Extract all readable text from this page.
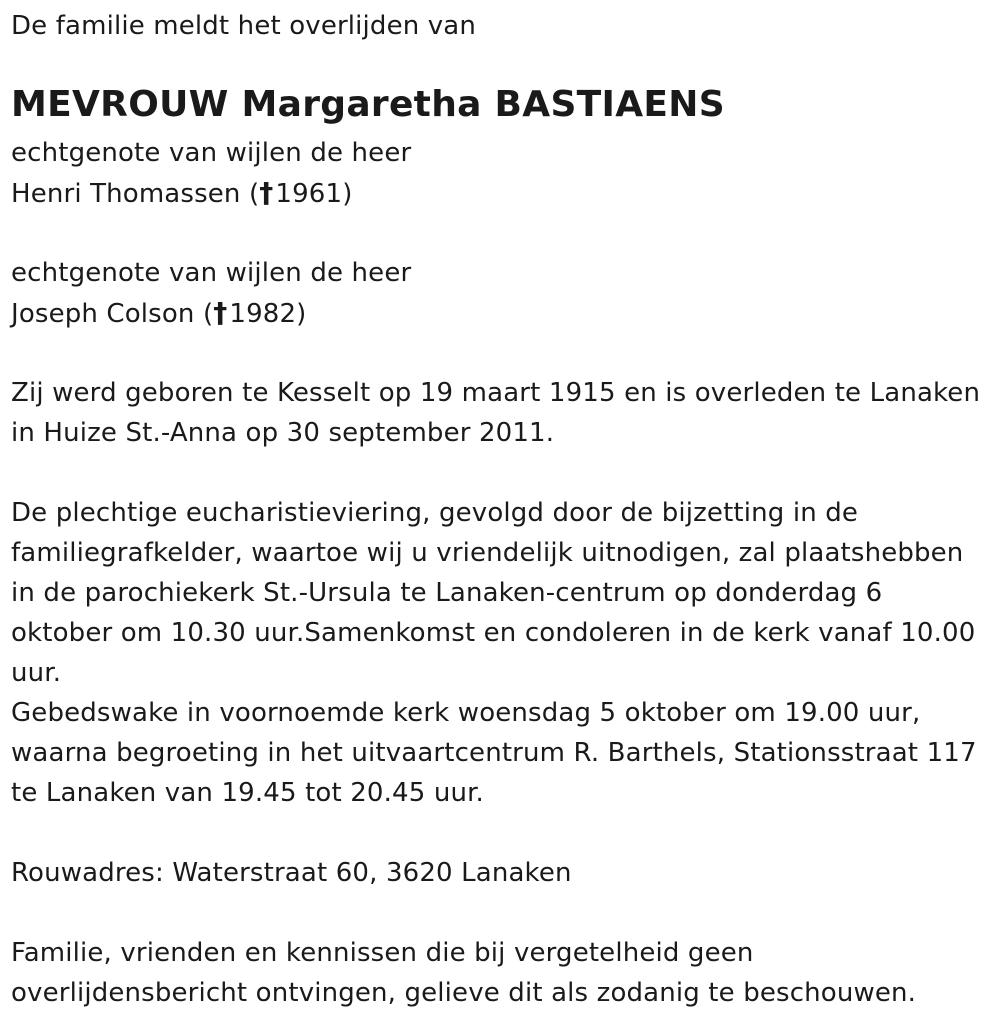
De familie meldt het overlijden van
MEVROUW Margaretha BASTIAENS
echtgenote van wijlen de heer
Henri Thomassen (†1961)
echtgenote van wijlen de heer
Joseph Colson (†1982)
Zij werd geboren te Kesselt op 19 maart 1915 en is overleden te Lanaken
in Huize St.-Anna op 30 september 2011.
De plechtige eucharistieviering, gevolgd door de bijzetting in de
familiegrafkelder, waartoe wij u vriendelijk uitnodigen, zal plaatshebben
in de parochiekerk St.-Ursula te Lanaken-centrum op donderdag 6
oktober om 10.30 uur.Samenkomst en condoleren in de kerk vanaf 10.00
uur.
Gebedswake in voornoemde kerk woensdag 5 oktober om 19.00 uur,
waarna begroeting in het uitvaartcentrum R. Barthels, Stationsstraat 117
te Lanaken van 19.45 tot 20.45 uur.
Rouwadres: Waterstraat 60, 3620 Lanaken
Familie, vrienden en kennissen die bij vergetelheid geen
overlijdensbericht ontvingen, gelieve dit als zodanig te beschouwen.
